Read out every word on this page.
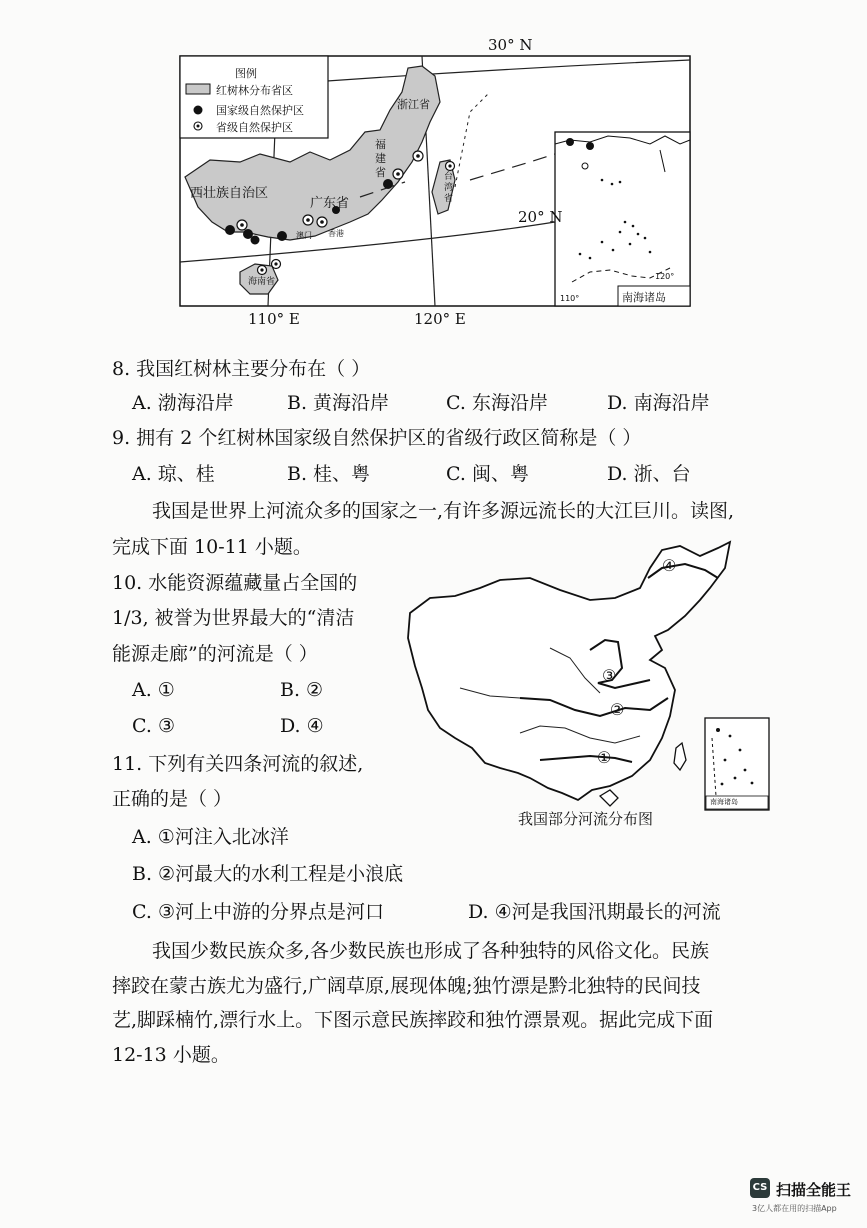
30° N
20° N
110° E	120° E
图例
红树林分布省区
国家级自然保护区
省级自然保护区
浙江省
福建省
西壮族自治区
广东省
台湾省
海南省
澳门 香港
南海诸岛
110°
120°
8. 我国红树林主要分布在（ ）
A. 渤海沿岸	B. 黄海沿岸	C. 东海沿岸	D. 南海沿岸
9. 拥有 2 个红树林国家级自然保护区的省级行政区简称是（ ）
A. 琼、桂	B. 桂、粤	C. 闽、粤	D. 浙、台
我国是世界上河流众多的国家之一,有许多源远流长的大江巨川。读图,
完成下面 10-11 小题。
10. 水能资源蕴藏量占全国的
1/3, 被誉为世界最大的“清洁
能源走廊”的河流是（ ）
A. ①	B. ②
C. ③	D. ④
11. 下列有关四条河流的叙述,
正确的是（ ）
A. ①河注入北冰洋
B. ②河最大的水利工程是小浪底
C. ③河上中游的分界点是河口	D. ④河是我国汛期最长的河流
④
③
②
①
南海诸岛
我国部分河流分布图
我国少数民族众多,各少数民族也形成了各种独特的风俗文化。民族
摔跤在蒙古族尤为盛行,广阔草原,展现体魄;独竹漂是黔北独特的民间技
艺,脚踩楠竹,漂行水上。下图示意民族摔跤和独竹漂景观。据此完成下面
12-13 小题。
CS 扫描全能王
3亿人都在用的扫描App
